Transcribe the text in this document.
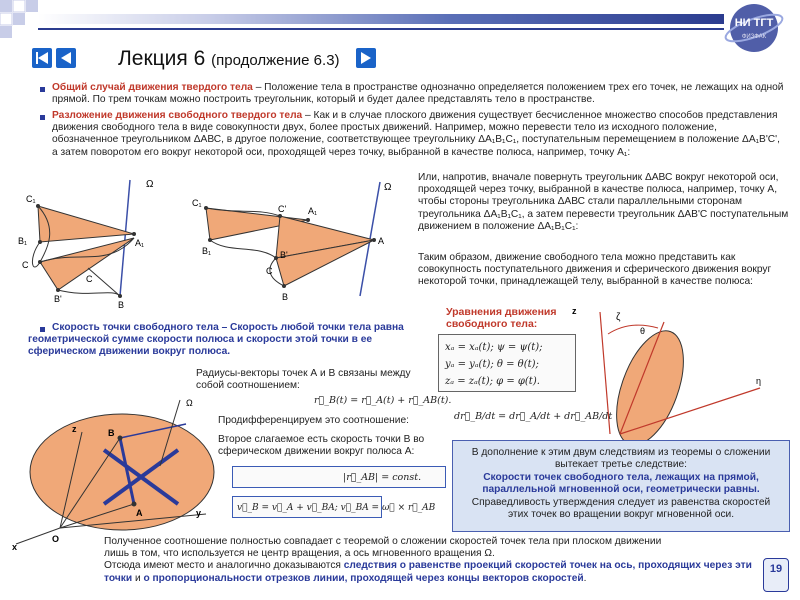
НИ ТГТ
ФИЗФАК
Лекция 6 (продолжение 6.3)
Общий случай движения твердого тела – Положение тела в пространстве однозначно определяется положением трех его точек, не лежащих на одной прямой. По трем точкам можно построить треугольник, который и будет далее представлять тело в пространстве.
Разложение движения свободного твердого тела – Как и в случае плоского движения существует бесчисленное множество способов представления движения свободного тела в виде совокупности двух, более простых движений. Например, можно перевести тело из исходного положение, обозначенное треугольником ΔАВС, в другое положение, соответствующее треугольнику ΔА₁В₁С₁, поступательным перемещением в положение ΔА₁В'С', а затем поворотом его вокруг некоторой оси, проходящей через точку, выбранной в качестве полюса, например, точку А₁:
Ω
C₁
A₁
B₁
C
C
B'
B
Ω
C₁
A₁
B₁
C'
A
B'
C
B
Или, напротив, вначале повернуть треугольник ΔАВС вокруг некоторой оси, проходящей через точку, выбранной в качестве полюса, например, точку А, чтобы стороны треугольника ΔАВС стали параллельными сторонам треугольника ΔА₁В₁С₁, а затем перевести треугольник ΔАВ'С поступательным движением в положение ΔА₁В₁С₁:
Таким образом, движение свободного тела можно представить как совокупность поступательного движения и сферического движения вокруг некоторой точки, принадлежащей телу, выбранной в качестве полюса:
Уравнения движения свободного тела:
xₐ = xₐ(t); ψ = ψ(t);
yₐ = yₐ(t); θ = θ(t);
zₐ = zₐ(t); φ = φ(t).
z
ζ
θ
η
Скорость точки свободного тела – Скорость любой точки тела равна геометрической сумме скорости полюса и скорости этой точки в ее сферическом движении вокруг полюса.
Радиусы-векторы точек А и В связаны между собой соотношением:
r⃗_B(t) = r⃗_A(t) + r⃗_AB(t).
Продифференцируем это соотношение:
Второе слагаемое есть скорость точки В во сферическом движении вокруг полюса А:
dr⃗_B/dt = dr⃗_A/dt + dr⃗_AB/dt
|r⃗_AB| = const.
v⃗_B = v⃗_A + v⃗_BA; v⃗_BA = ω⃗ × r⃗_AB
Ω
B
A
z
y
x
O
В дополнение к этим двум следствиям из теоремы о сложении вытекает третье следствие:
Скорости точек свободного тела, лежащих на прямой, параллельной мгновенной оси, геометрически равны.
Справедливость утверждения следует из равенства скоростей этих точек во вращении вокруг мгновенной оси.
Полученное соотношение полностью совпадает с теоремой о сложении скоростей точек тела при плоском движении
лишь в том, что используется не центр вращения, а ось мгновенного вращения Ω.
Отсюда имеют место и аналогично доказываются следствия о равенстве проекций скоростей точек на ось, проходящих через эти точки и о пропорциональности отрезков линии, проходящей через концы векторов скоростей.
19
